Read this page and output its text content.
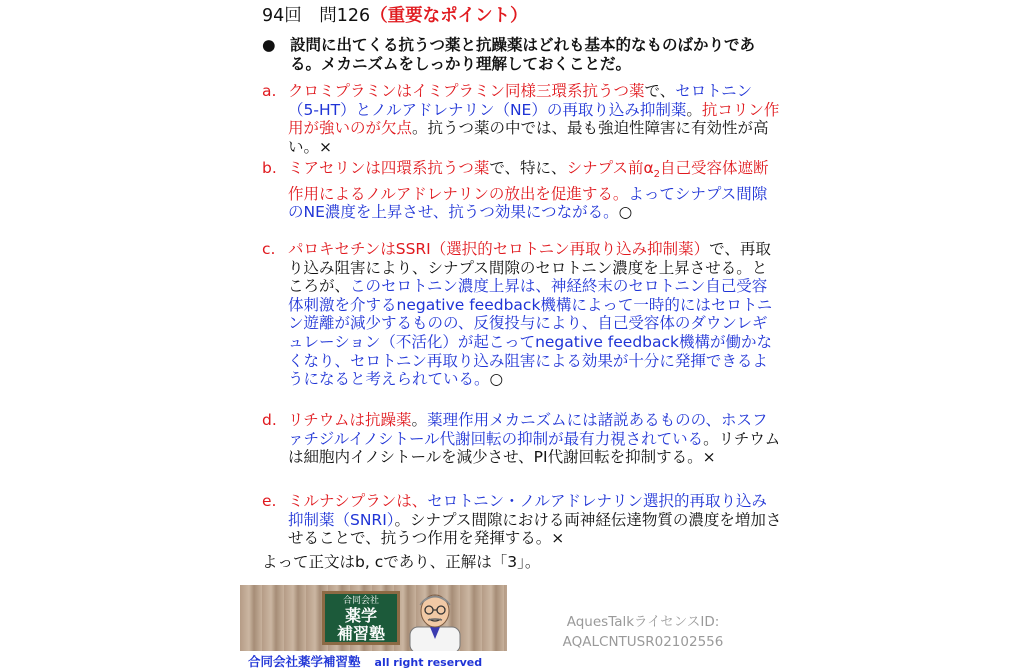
94回　問126（重要なポイント）
● 設問に出てくる抗うつ薬と抗躁薬はどれも基本的なものばかりである。メカニズムをしっかり理解しておくことだ。
a. クロミプラミンはイミプラミン同様三環系抗うつ薬で、セロトニン（5-HT）とノルアドレナリン（NE）の再取り込み抑制薬。抗コリン作用が強いのが欠点。抗うつ薬の中では、最も強迫性障害に有効性が高い。×
b. ミアセリンは四環系抗うつ薬で、特に、シナプス前$\alpha_2$自己受容体遮断作用によるノルアドレナリンの放出を促進する。よってシナプス間隙のNE濃度を上昇させ、抗うつ効果につながる。○
c. パロキセチンはSSRI（選択的セロトニン再取り込み抑制薬）で、再取り込み阻害により、シナプス間隙のセロトニン濃度を上昇させる。ところが、このセロトニン濃度上昇は、神経終末のセロトニン自己受容体刺激を介するnegative feedback機構によって一時的にはセロトニン遊離が減少するものの、反復投与により、自己受容体のダウンレギュレーション（不活化）が起こってnegative feedback機構が働かなくなり、セロトニン再取り込み阻害による効果が十分に発揮できるようになると考えられている。○
d. リチウムは抗躁薬。薬理作用メカニズムには諸説あるものの、ホスファチジルイノシトール代謝回転の抑制が最有力視されている。リチウムは細胞内イノシトールを減少させ、PI代謝回転を抑制する。×
e. ミルナシプランは、セロトニン・ノルアドレナリン選択的再取り込み抑制薬（SNRI）。シナプス間隙における両神経伝達物質の濃度を増加させることで、抗うつ作用を発揮する。×
よって正文はb, cであり、正解は「3」。
合同会社
薬学
補習塾
合同会社薬学補習塾 all right reserved
AquesTalkライセンスID:
AQALCNTUSR02102556
